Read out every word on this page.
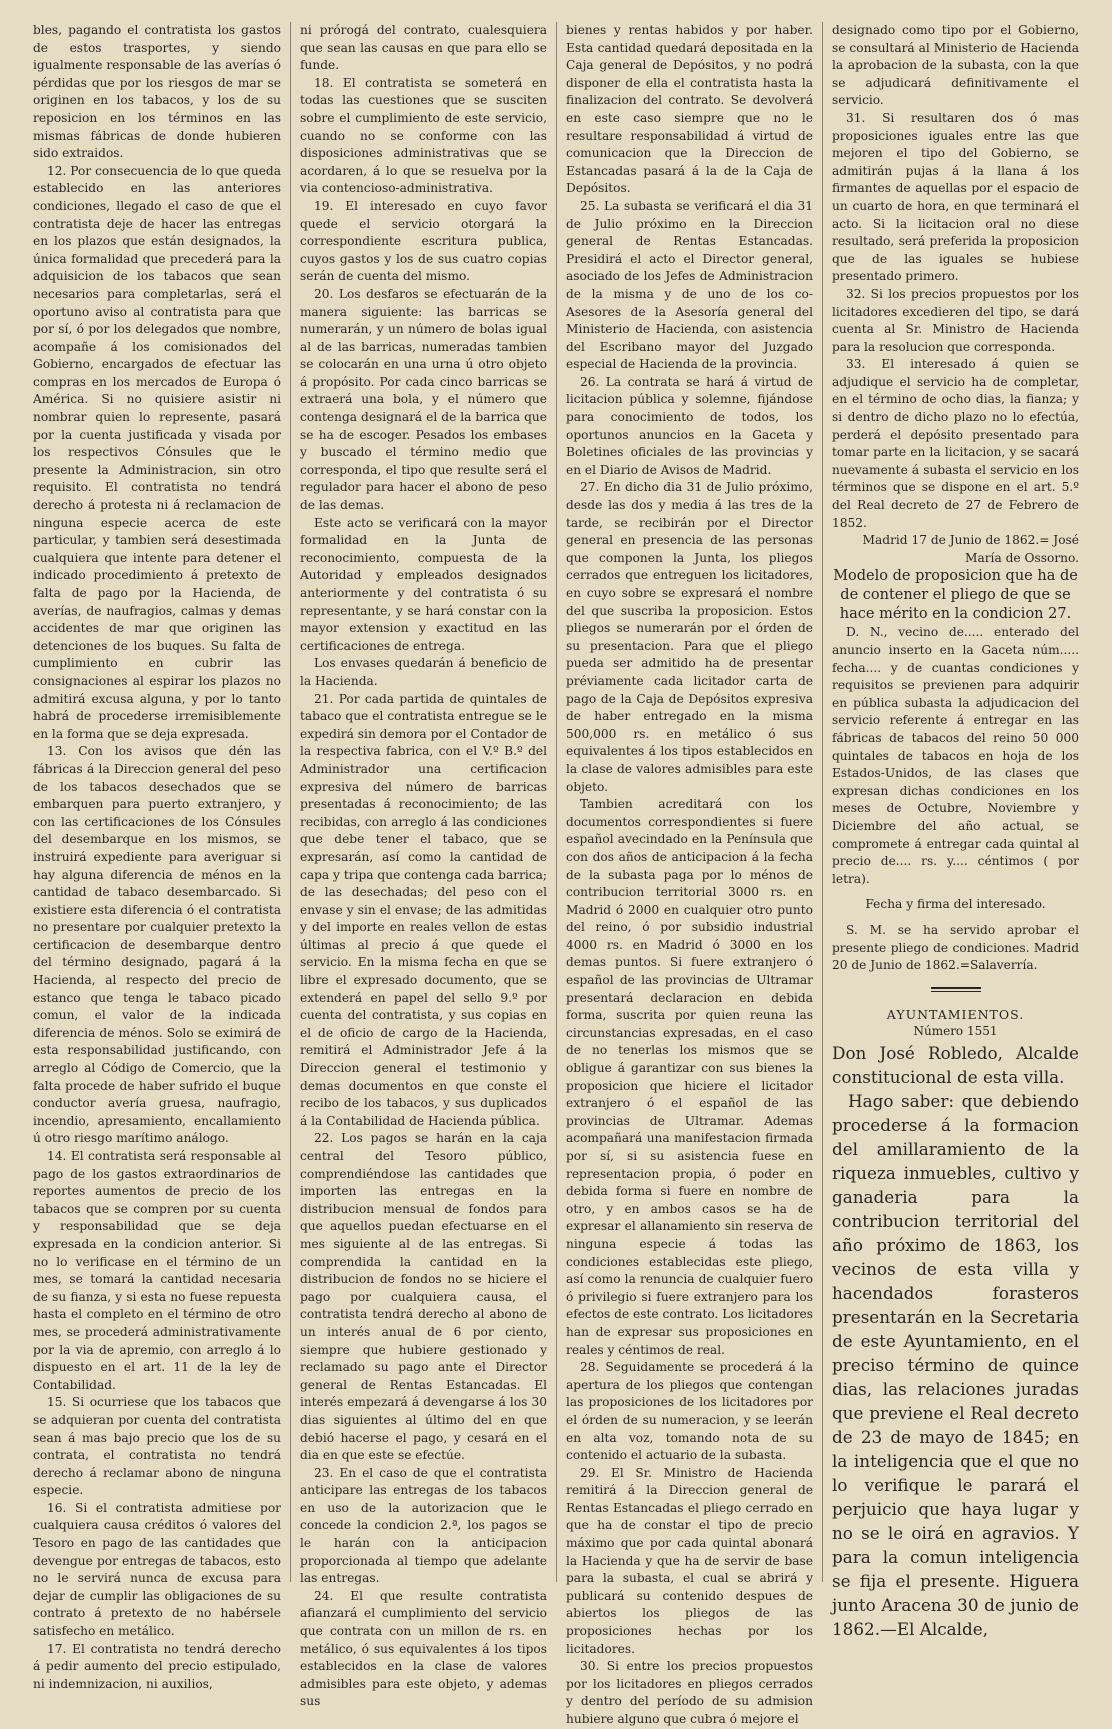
bles, pagando el contratista los gastos de estos trasportes, y siendo igualmente responsable de las averías ó pérdidas que por los riesgos de mar se originen en los tabacos, y los de su reposicion en los términos en las mismas fábricas de donde hubieren sido extraidos.

12. Por consecuencia de lo que queda establecido en las anteriores condiciones, llegado el caso de que el contratista deje de hacer las entregas en los plazos que están designados, la única formalidad que precederá para la adquisicion de los tabacos que sean necesarios para completarlas, será el oportuno aviso al contratista para que por sí, ó por los delegados que nombre, acompañe á los comisionados del Gobierno, encargados de efectuar las compras en los mercados de Europa ó América. Si no quisiere asistir ni nombrar quien lo represente, pasará por la cuenta justificada y visada por los respectivos Cónsules que le presente la Administracion, sin otro requisito. El contratista no tendrá derecho á protesta ni á reclamacion de ninguna especie acerca de este particular, y tambien será desestimada cualquiera que intente para detener el indicado procedimiento á pretexto de falta de pago por la Hacienda, de averías, de naufragios, calmas y demas accidentes de mar que originen las detenciones de los buques. Su falta de cumplimiento en cubrir las consignaciones al espirar los plazos no admitirá excusa alguna, y por lo tanto habrá de procederse irremisiblemente en la forma que se deja expresada.

13. Con los avisos que dén las fábricas á la Direccion general del peso de los tabacos desechados que se embarquen para puerto extranjero, y con las certificaciones de los Cónsules del desembarque en los mismos, se instruirá expediente para averiguar si hay alguna diferencia de ménos en la cantidad de tabaco desembarcado. Si existiere esta diferencia ó el contratista no presentare por cualquier pretexto la certificacion de desembarque dentro del término designado, pagará á la Hacienda, al respecto del precio de estanco que tenga le tabaco picado comun, el valor de la indicada diferencia de ménos. Solo se eximirá de esta responsabilidad justificando, con arreglo al Código de Comercio, que la falta procede de haber sufrido el buque conductor avería gruesa, naufragio, incendio, apresamiento, encallamiento ú otro riesgo marítimo análogo.

14. El contratista será responsable al pago de los gastos extraordinarios de reportes aumentos de precio de los tabacos que se compren por su cuenta y responsabilidad que se deja expresada en la condicion anterior. Si no lo verificase en el término de un mes, se tomará la cantidad necesaria de su fianza, y si esta no fuese repuesta hasta el completo en el término de otro mes, se procederá administrativamente por la via de apremio, con arreglo á lo dispuesto en el art. 11 de la ley de Contabilidad.

15. Si ocurriese que los tabacos que se adquieran por cuenta del contratista sean á mas bajo precio que los de su contrata, el contratista no tendrá derecho á reclamar abono de ninguna especie.

16. Si el contratista admitiese por cualquiera causa créditos ó valores del Tesoro en pago de las cantidades que devengue por entregas de tabacos, esto no le servirá nunca de excusa para dejar de cumplir las obligaciones de su contrato á pretexto de no habérsele satisfecho en metálico.

17. El contratista no tendrá derecho á pedir aumento del precio estipulado, ni indemnizacion, ni auxilios,

ni prórogá del contrato, cualesquiera que sean las causas en que para ello se funde.

18. El contratista se someterá en todas las cuestiones que se susciten sobre el cumplimiento de este servicio, cuando no se conforme con las disposiciones administrativas que se acordaren, á lo que se resuelva por la via contencioso-administrativa.

19. El interesado en cuyo favor quede el servicio otorgará la correspondiente escritura publica, cuyos gastos y los de sus cuatro copias serán de cuenta del mismo.

20. Los desfaros se efectuarán de la manera siguiente: las barricas se numerarán, y un número de bolas igual al de las barricas, numeradas tambien se colocarán en una urna ú otro objeto á propósito. Por cada cinco barricas se extraerá una bola, y el número que contenga designará el de la barrica que se ha de escoger. Pesados los embases y buscado el término medio que corresponda, el tipo que resulte será el regulador para hacer el abono de peso de las demas.

Este acto se verificará con la mayor formalidad en la Junta de reconocimiento, compuesta de la Autoridad y empleados designados anteriormente y del contratista ó su representante, y se hará constar con la mayor extension y exactitud en las certificaciones de entrega.

Los envases quedarán á beneficio de la Hacienda.

21. Por cada partida de quintales de tabaco que el contratista entregue se le expedirá sin demora por el Contador de la respectiva fabrica, con el V.º B.º del Administrador una certificacion expresiva del número de barricas presentadas á reconocimiento; de las recibidas, con arreglo á las condiciones que debe tener el tabaco, que se expresarán, así como la cantidad de capa y tripa que contenga cada barrica; de las desechadas; del peso con el envase y sin el envase; de las admitidas y del importe en reales vellon de estas últimas al precio á que quede el servicio. En la misma fecha en que se libre el expresado documento, que se extenderá en papel del sello 9.º por cuenta del contratista, y sus copias en el de oficio de cargo de la Hacienda, remitirá el Administrador Jefe á la Direccion general el testimonio y demas documentos en que conste el recibo de los tabacos, y sus duplicados á la Contabilidad de Hacienda pública.

22. Los pagos se harán en la caja central del Tesoro público, comprendiéndose las cantidades que importen las entregas en la distribucion mensual de fondos para que aquellos puedan efectuarse en el mes siguiente al de las entregas. Si comprendida la cantidad en la distribucion de fondos no se hiciere el pago por cualquiera causa, el contratista tendrá derecho al abono de un interés anual de 6 por ciento, siempre que hubiere gestionado y reclamado su pago ante el Director general de Rentas Estancadas. El interés empezará á devengarse á los 30 dias siguientes al último del en que debió hacerse el pago, y cesará en el dia en que este se efectúe.

23. En el caso de que el contratista anticipare las entregas de los tabacos en uso de la autorizacion que le concede la condicion 2.ª, los pagos se le harán con la anticipacion proporcionada al tiempo que adelante las entregas.

24. El que resulte contratista afianzará el cumplimiento del servicio que contrata con un millon de rs. en metálico, ó sus equivalentes á los tipos establecidos en la clase de valores admisibles para este objeto, y ademas sus

bienes y rentas habidos y por haber. Esta cantidad quedará depositada en la Caja general de Depósitos, y no podrá disponer de ella el contratista hasta la finalizacion del contrato. Se devolverá en este caso siempre que no le resultare responsabilidad á virtud de comunicacion que la Direccion de Estancadas pasará á la de la Caja de Depósitos.

25. La subasta se verificará el dia 31 de Julio próximo en la Direccion general de Rentas Estancadas. Presidirá el acto el Director general, asociado de los Jefes de Administracion de la misma y de uno de los co-Asesores de la Asesoría general del Ministerio de Hacienda, con asistencia del Escribano mayor del Juzgado especial de Hacienda de la provincia.

26. La contrata se hará á virtud de licitacion pública y solemne, fijándose para conocimiento de todos, los oportunos anuncios en la Gaceta y Boletines oficiales de las provincias y en el Diario de Avisos de Madrid.

27. En dicho dia 31 de Julio próximo, desde las dos y media á las tres de la tarde, se recibirán por el Director general en presencia de las personas que componen la Junta, los pliegos cerrados que entreguen los licitadores, en cuyo sobre se expresará el nombre del que suscriba la proposicion. Estos pliegos se numerarán por el órden de su presentacion. Para que el pliego pueda ser admitido ha de presentar préviamente cada licitador carta de pago de la Caja de Depósitos expresiva de haber entregado en la misma 500,000 rs. en metálico ó sus equivalentes á los tipos establecidos en la clase de valores admisibles para este objeto.

Tambien acreditará con los documentos correspondientes si fuere español avecindado en la Península que con dos años de anticipacion á la fecha de la subasta paga por lo ménos de contribucion territorial 3000 rs. en Madrid ó 2000 en cualquier otro punto del reino, ó por subsidio industrial 4000 rs. en Madrid ó 3000 en los demas puntos. Si fuere extranjero ó español de las provincias de Ultramar presentará declaracion en debida forma, suscrita por quien reuna las circunstancias expresadas, en el caso de no tenerlas los mismos que se obligue á garantizar con sus bienes la proposicion que hiciere el licitador extranjero ó el español de las provincias de Ultramar. Ademas acompañará una manifestacion firmada por sí, si su asistencia fuese en representacion propia, ó poder en debida forma si fuere en nombre de otro, y en ambos casos se ha de expresar el allanamiento sin reserva de ninguna especie á todas las condiciones establecidas este pliego, así como la renuncia de cualquier fuero ó privilegio si fuere extranjero para los efectos de este contrato. Los licitadores han de expresar sus proposiciones en reales y céntimos de real.

28. Seguidamente se procederá á la apertura de los pliegos que contengan las proposiciones de los licitadores por el órden de su numeracion, y se leerán en alta voz, tomando nota de su contenido el actuario de la subasta.

29. El Sr. Ministro de Hacienda remitirá á la Direccion general de Rentas Estancadas el pliego cerrado en que ha de constar el tipo de precio máximo que por cada quintal abonará la Hacienda y que ha de servir de base para la subasta, el cual se abrirá y publicará su contenido despues de abiertos los pliegos de las proposiciones hechas por los licitadores.

30. Si entre los precios propuestos por los licitadores en pliegos cerrados y dentro del período de su admision hubiere alguno que cubra ó mejore el

designado como tipo por el Gobierno, se consultará al Ministerio de Hacienda la aprobacion de la subasta, con la que se adjudicará definitivamente el servicio.

31. Si resultaren dos ó mas proposiciones iguales entre las que mejoren el tipo del Gobierno, se admitirán pujas á la llana á los firmantes de aquellas por el espacio de un cuarto de hora, en que terminará el acto. Si la licitacion oral no diese resultado, será preferida la proposicion que de las iguales se hubiese presentado primero.

32. Si los precios propuestos por los licitadores excedieren del tipo, se dará cuenta al Sr. Ministro de Hacienda para la resolucion que corresponda.

33. El interesado á quien se adjudique el servicio ha de completar, en el término de ocho dias, la fianza; y si dentro de dicho plazo no lo efectúa, perderá el depósito presentado para tomar parte en la licitacion, y se sacará nuevamente á subasta el servicio en los términos que se dispone en el art. 5.º del Real decreto de 27 de Febrero de 1852.

Madrid 17 de Junio de 1862.= José María de Ossorno.

Modelo de proposicion que ha de de contener el pliego de que se hace mérito en la condicion 27.

D. N., vecino de..... enterado del anuncio inserto en la Gaceta núm..... fecha.... y de cuantas condiciones y requisitos se previenen para adquirir en pública subasta la adjudicacion del servicio referente á entregar en las fábricas de tabacos del reino 50 000 quintales de tabacos en hoja de los Estados-Unidos, de las clases que expresan dichas condiciones en los meses de Octubre, Noviembre y Diciembre del año actual, se compromete á entregar cada quintal al precio de.... rs. y.... céntimos ( por letra).

Fecha y firma del interesado.

S. M. se ha servido aprobar el presente pliego de condiciones. Madrid 20 de Junio de 1862.=Salaverría.

AYUNTAMIENTOS.

Número 1551

Don José Robledo, Alcalde constitucional de esta villa.

Hago saber: que debiendo procederse á la formacion del amillaramiento de la riqueza inmuebles, cultivo y ganaderia para la contribucion territorial del año próximo de 1863, los vecinos de esta villa y hacendados forasteros presentarán en la Secretaria de este Ayuntamiento, en el preciso término de quince dias, las relaciones juradas que previene el Real decreto de 23 de mayo de 1845; en la inteligencia que el que no lo verifique le parará el perjuicio que haya lugar y no se le oirá en agravios. Y para la comun inteligencia se fija el presente. Higuera junto Aracena 30 de junio de 1862.—El Alcalde,
